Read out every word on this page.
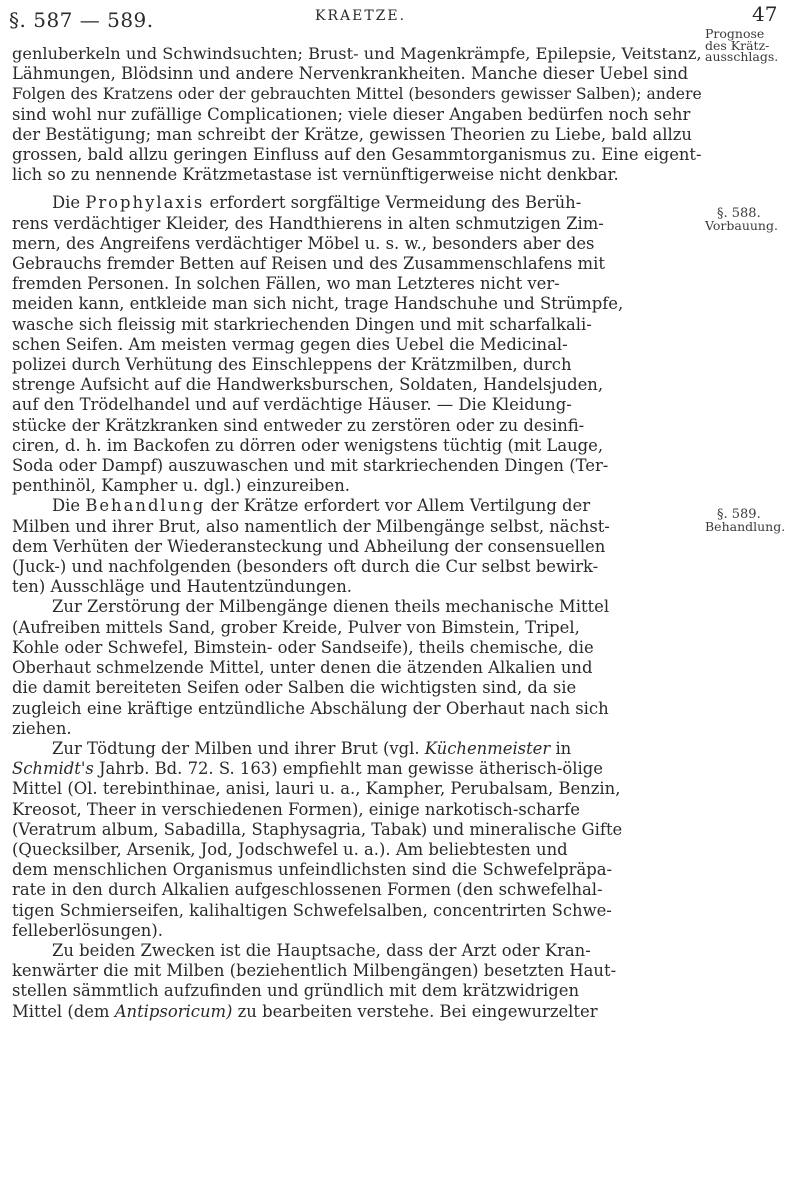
§. 587 — 589.	KRAETZE.	47
Prognose
des Krätz-
ausschlags.
§. 588.
Vorbauung.
§. 589.
Behandlung.

genluberkeln und Schwindsuchten; Brust- und Magenkrämpfe, Epilepsie, Veitstanz,
Lähmungen, Blödsinn und andere Nervenkrankheiten. Manche dieser Uebel sind
Folgen des Kratzens oder der gebrauchten Mittel (besonders gewisser Salben); andere
sind wohl nur zufällige Complicationen; viele dieser Angaben bedürfen noch sehr
der Bestätigung; man schreibt der Krätze, gewissen Theorien zu Liebe, bald allzu
grossen, bald allzu geringen Einfluss auf den Gesammtorganismus zu. Eine eigent-
lich so zu nennende Krätzmetastase ist vernünftigerweise nicht denkbar.

Die Prophylaxis erfordert sorgfältige Vermeidung des Berüh-
rens verdächtiger Kleider, des Handthierens in alten schmutzigen Zim-
mern, des Angreifens verdächtiger Möbel u. s. w., besonders aber des
Gebrauchs fremder Betten auf Reisen und des Zusammenschlafens mit
fremden Personen. In solchen Fällen, wo man Letzteres nicht ver-
meiden kann, entkleide man sich nicht, trage Handschuhe und Strümpfe,
wasche sich fleissig mit starkriechenden Dingen und mit scharfalkali-
schen Seifen. Am meisten vermag gegen dies Uebel die Medicinal-
polizei durch Verhütung des Einschleppens der Krätzmilben, durch
strenge Aufsicht auf die Handwerksburschen, Soldaten, Handelsjuden,
auf den Trödelhandel und auf verdächtige Häuser. — Die Kleidung-
stücke der Krätzkranken sind entweder zu zerstören oder zu desinfi-
ciren, d. h. im Backofen zu dörren oder wenigstens tüchtig (mit Lauge,
Soda oder Dampf) auszuwaschen und mit starkriechenden Dingen (Ter-
penthinöl, Kampher u. dgl.) einzureiben.

Die Behandlung der Krätze erfordert vor Allem Vertilgung der
Milben und ihrer Brut, also namentlich der Milbengänge selbst, nächst-
dem Verhüten der Wiederansteckung und Abheilung der consensuellen
(Juck-) und nachfolgenden (besonders oft durch die Cur selbst bewirk-
ten) Ausschläge und Hautentzündungen.

Zur Zerstörung der Milbengänge dienen theils mechanische Mittel
(Aufreiben mittels Sand, grober Kreide, Pulver von Bimstein, Tripel,
Kohle oder Schwefel, Bimstein- oder Sandseife), theils chemische, die
Oberhaut schmelzende Mittel, unter denen die ätzenden Alkalien und
die damit bereiteten Seifen oder Salben die wichtigsten sind, da sie
zugleich eine kräftige entzündliche Abschälung der Oberhaut nach sich
ziehen.

Zur Tödtung der Milben und ihrer Brut (vgl. Küchenmeister in
Schmidt's Jahrb. Bd. 72. S. 163) empfiehlt man gewisse ätherisch-ölige
Mittel (Ol. terebinthinae, anisi, lauri u. a., Kampher, Perubalsam, Benzin,
Kreosot, Theer in verschiedenen Formen), einige narkotisch-scharfe
(Veratrum album, Sabadilla, Staphysagria, Tabak) und mineralische Gifte
(Quecksilber, Arsenik, Jod, Jodschwefel u. a.). Am beliebtesten und
dem menschlichen Organismus unfeindlichsten sind die Schwefelpräpa-
rate in den durch Alkalien aufgeschlossenen Formen (den schwefelhal-
tigen Schmierseifen, kalihaltigen Schwefelsalben, concentrirten Schwe-
felleberlösungen).

Zu beiden Zwecken ist die Hauptsache, dass der Arzt oder Kran-
kenwärter die mit Milben (beziehentlich Milbengängen) besetzten Haut-
stellen sämmtlich aufzufinden und gründlich mit dem krätzwidrigen
Mittel (dem Antipsoricum) zu bearbeiten verstehe. Bei eingewurzelter
